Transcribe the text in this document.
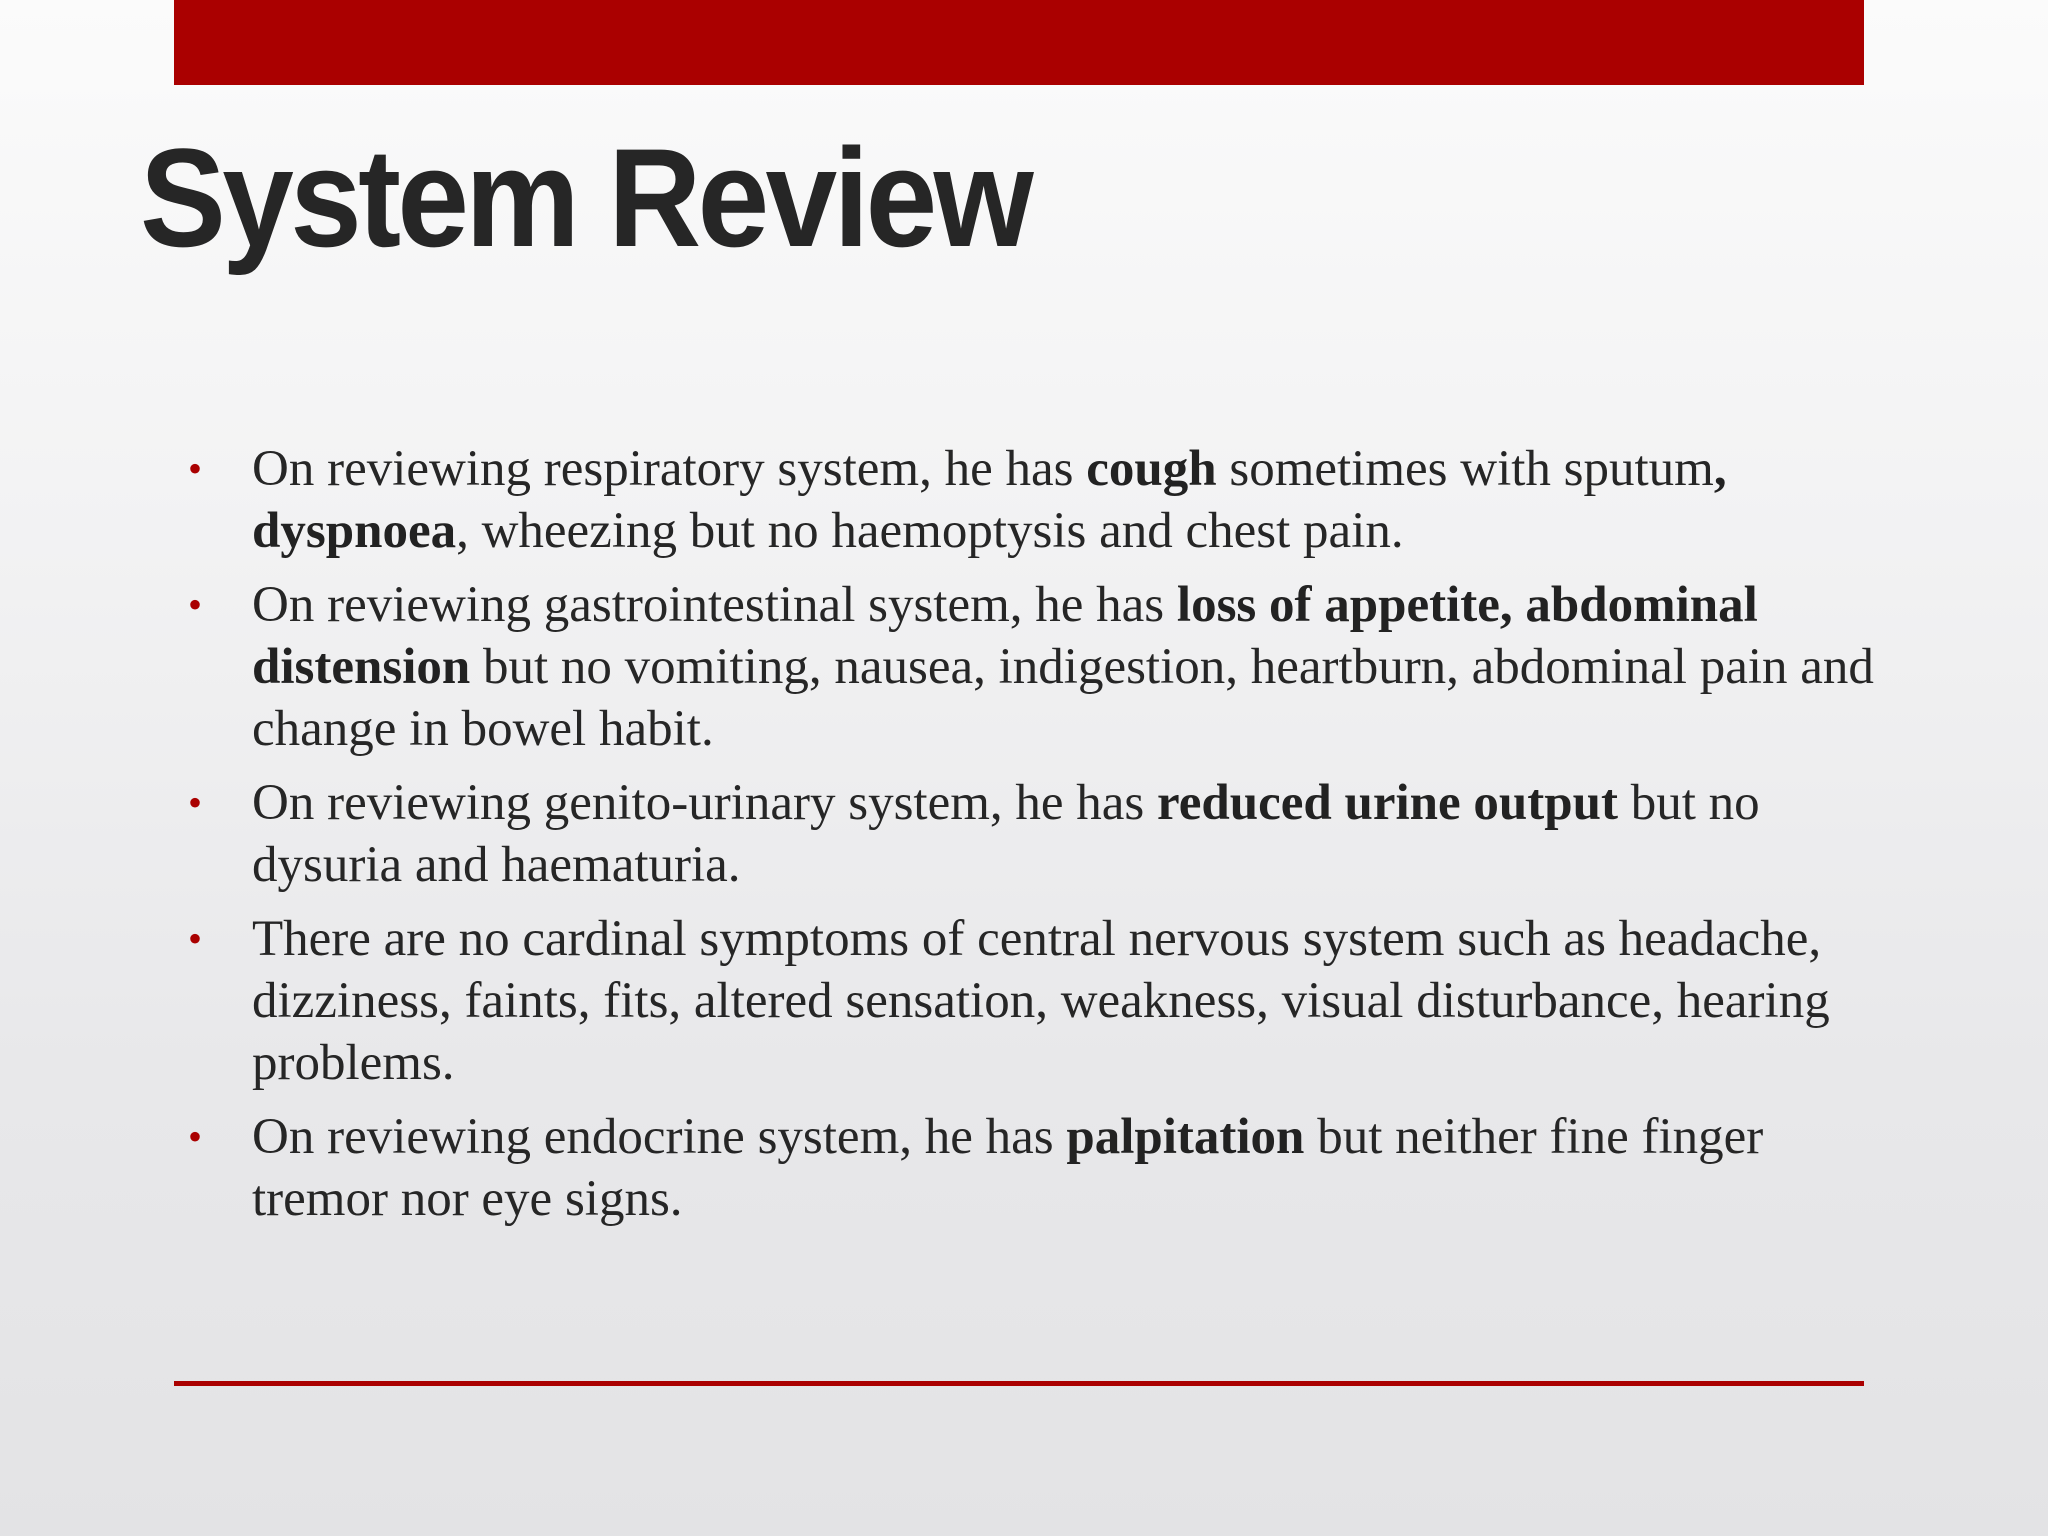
System Review
• On reviewing respiratory system, he has cough sometimes with sputum, dyspnoea, wheezing but no haemoptysis and chest pain.
• On reviewing gastrointestinal system, he has loss of appetite, abdominal distension but no vomiting, nausea, indigestion, heartburn, abdominal pain and change in bowel habit.
• On reviewing genito-urinary system, he has reduced urine output but no dysuria and haematuria.
• There are no cardinal symptoms of central nervous system such as headache, dizziness, faints, fits, altered sensation, weakness, visual disturbance, hearing problems.
• On reviewing endocrine system, he has palpitation but neither fine finger tremor nor eye signs.
